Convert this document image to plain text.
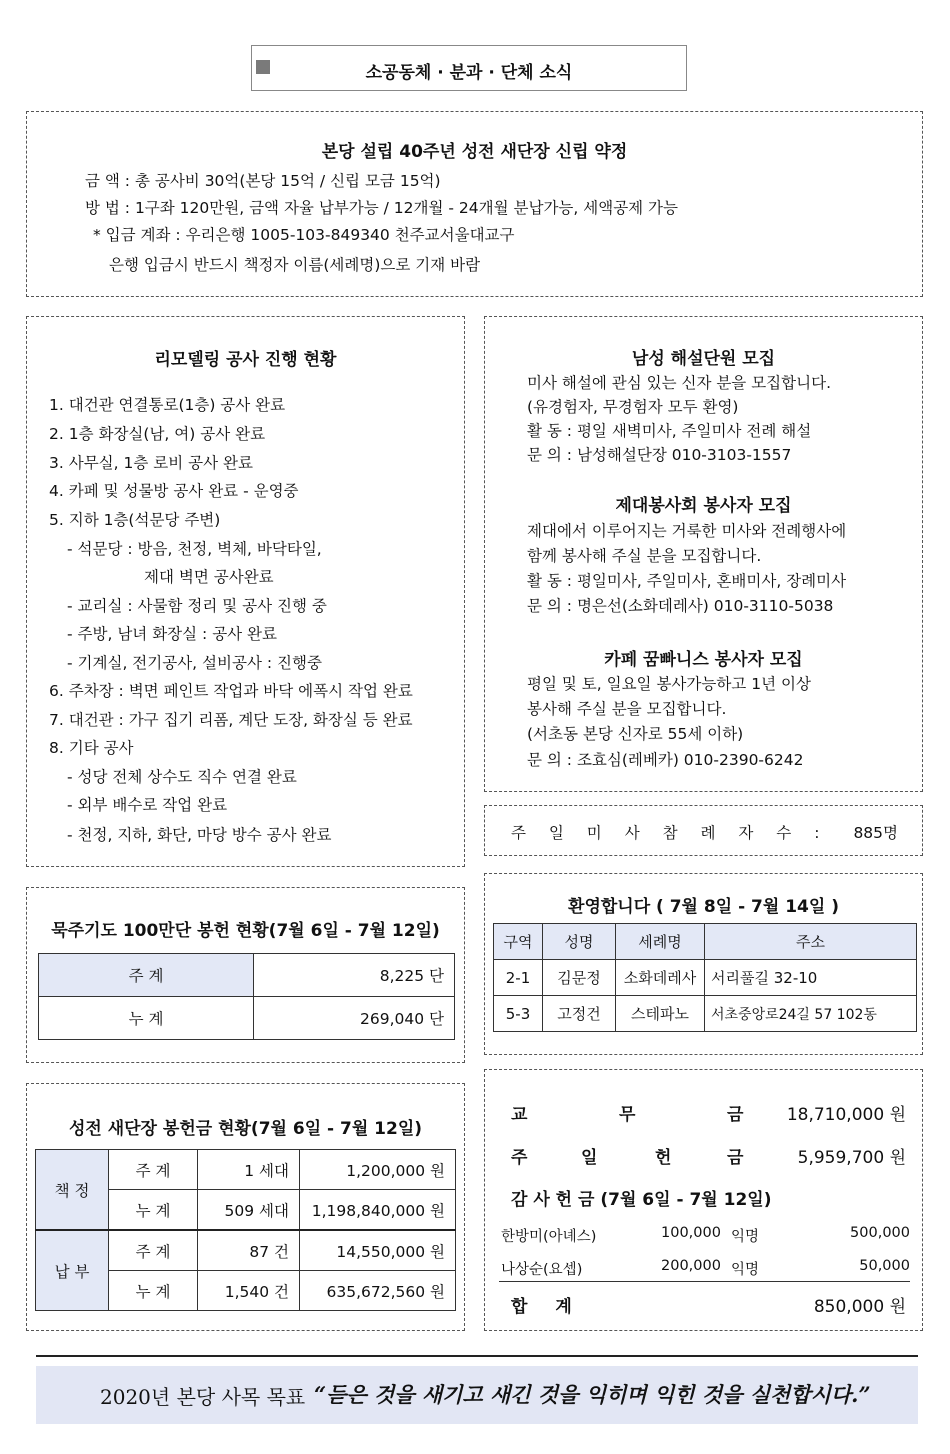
소공동체 · 분과 · 단체 소식
본당 설립 40주년 성전 새단장 신립 약정
금 액 : 총 공사비 30억(본당 15억 / 신립 모금 15억)
방 법 : 1구좌 120만원, 금액 자율 납부가능 / 12개월 - 24개월 분납가능, 세액공제 가능
* 입금 계좌 : 우리은행 1005-103-849340 천주교서울대교구
은행 입금시 반드시 책정자 이름(세례명)으로 기재 바람
리모델링 공사 진행 현황
1. 대건관 연결통로(1층) 공사 완료
2. 1층 화장실(남, 여) 공사 완료
3. 사무실, 1층 로비 공사 완료
4. 카페 및 성물방 공사 완료 - 운영중
5. 지하 1층(석문당 주변)
- 석문당 : 방음, 천정, 벽체, 바닥타일,
제대 벽면 공사완료
- 교리실 : 사물함 정리 및 공사 진행 중
- 주방, 남녀 화장실 : 공사 완료
- 기계실, 전기공사, 설비공사 : 진행중
6. 주차장 : 벽면 페인트 작업과 바닥 에폭시 작업 완료
7. 대건관 : 가구 집기 리폼, 계단 도장, 화장실 등 완료
8. 기타 공사
- 성당 전체 상수도 직수 연결 완료
- 외부 배수로 작업 완료
- 천정, 지하, 화단, 마당 방수 공사 완료
남성 해설단원 모집
미사 해설에 관심 있는 신자 분을 모집합니다.
(유경험자, 무경험자 모두 환영)
활 동 : 평일 새벽미사, 주일미사 전례 해설
문 의 : 남성해설단장 010-3103-1557
제대봉사회 봉사자 모집
제대에서 이루어지는 거룩한 미사와 전례행사에
함께 봉사해 주실 분을 모집합니다.
활 동 : 평일미사, 주일미사, 혼배미사, 장례미사
문 의 : 명은선(소화데레사) 010-3110-5038
카페 꿈빠니스 봉사자 모집
평일 및 토, 일요일 봉사가능하고 1년 이상
봉사해 주실 분을 모집합니다.
(서초동 본당 신자로 55세 이하)
문 의 : 조효심(레베카) 010-2390-6242
주 일 미 사 참 례 자 수 : 885명
묵주기도 100만단 봉헌 현황(7월 6일 - 7월 12일)
주 계	8,225 단
누 계	269,040 단
환영합니다 ( 7월 8일 - 7월 14일 )
구역	성명	세례명	주소
2-1	김문정	소화데레사	서리풀길 32-10
5-3	고정건	스테파노	서초중앙로24길 57 102동
성전 새단장 봉헌금 현황(7월 6일 - 7월 12일)
책 정	주 계	1 세대	1,200,000 원
	누 계	509 세대	1,198,840,000 원
납 부	주 계	87 건	14,550,000 원
	누 계	1,540 건	635,672,560 원
교	무	금	18,710,000 원
주	일	헌	금	5,959,700 원
감 사 헌 금 (7월 6일 - 7월 12일)
한방미(아녜스)	100,000 익명	500,000
나상순(요셉)	200,000 익명	50,000
합 계	850,000 원
2020년 본당 사목 목표 “듣은 것을 새기고 새긴 것을 익히며 익힌 것을 실천합시다.”
